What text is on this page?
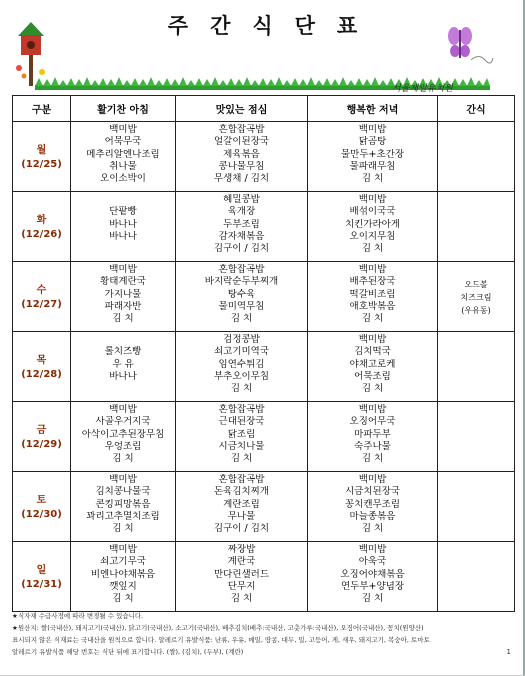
주간식단표
서울제일유치원
구분	활기찬 아침	맛있는 점심	행복한 저녁	간식

월
(12/25)	백미밥
어묵무국
메추리알엔나조림
취나물
오이소박이	흔합잡곡밥
얼갈이된장국
제육볶음
콩나물무침
무생채 / 김치	백미밥
닭곰탕
물만두+초간장
물파래무침
김 치	

화
(12/26)	단팥빵
바나나
바나나	혜밀콩밥
육개장
두부조림
감자채볶음
김구이 / 김치	백미밥
배섞이국국
치킨가라아게
오이지무침
김 치	

수
(12/27)	백미밥
황태계란국
가지나물
파래자반
김 치	혼합잡곡밥
바지락순두부찌개
탕수육
물미역무침
김 치	백미밥
배추된장국
떡갈비조림
애호박볶음
김 치	오드볼
치즈크림
(우유동)

목
(12/28)	롤치즈빵
우 유
바나나	검정콩밥
쇠고기미역국
임연수튀김
부추오이무침
김 치	백미밥
김치떡국
야채고로케
어묵조림
김 치	

금
(12/29)	백미밥
사골우거지국
아삭이고추된장무침
우엉조림
김 치	혼합잡곡밥
근대된장국
닭조림
시금치나물
김 치	백미밥
오징어무국
마파두부
숙주나물
김 치	

토
(12/30)	백미밥
김치콩나물국
콘킹피망볶음
꽈리고추멸치조림
김 치	혼합잡곡밥
돈육김치찌개
계란조림
무나물
김구이 / 김치	백미밥
시금치된장국
꽁치캔무조림
마늘종볶음
김 치	

일
(12/31)	백미밥
쇠고기무국
비엔나야채볶음
깻잎지
김 치	짜장밥
계란국
만다린샐러드
단무지
김 치	백미밥
아욱국
오징어야채볶음
연두부+양념장
김 치	

★식자재 수급사정에 따라 변경될 수 있습니다.
★원산지: 쌀(국내산), 돼지고기(국내산), 닭고기(국내산), 소고기(국내산), 배추김치(배추:국내산, 고춧가루:국내산), 오징어(국내산), 꽁치(원양산)
표시되지 않은 식재료는 국내산을 원칙으로 합니다. 알레르기 유발식품: 난류, 우유, 메밀, 땅콩, 대두, 밀, 고등어, 게, 새우, 돼지고기, 복숭아, 토마토
알레르기 유발식품 해당 번호는 식단 뒤에 표기합니다. (쌀), (김치), (두부), (계란)	1
